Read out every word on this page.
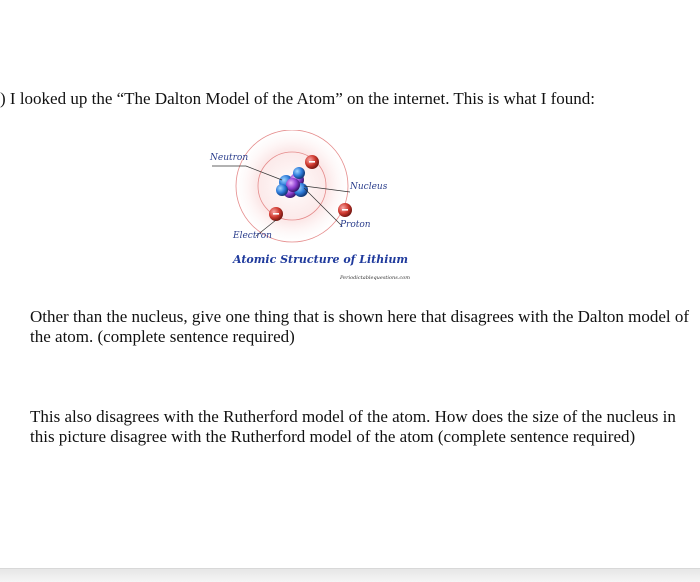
) I looked up the “The Dalton Model of the Atom” on the internet. This is what I found:
Neutron
Nucleus
Proton
Electron
Atomic Structure of Lithium
Periodictablequestions.com
Other than the nucleus, give one thing that is shown here that disagrees with the Dalton model of the atom. (complete sentence required)
This also disagrees with the Rutherford model of the atom. How does the size of the nucleus in this picture disagree with the Rutherford model of the atom (complete sentence required)
